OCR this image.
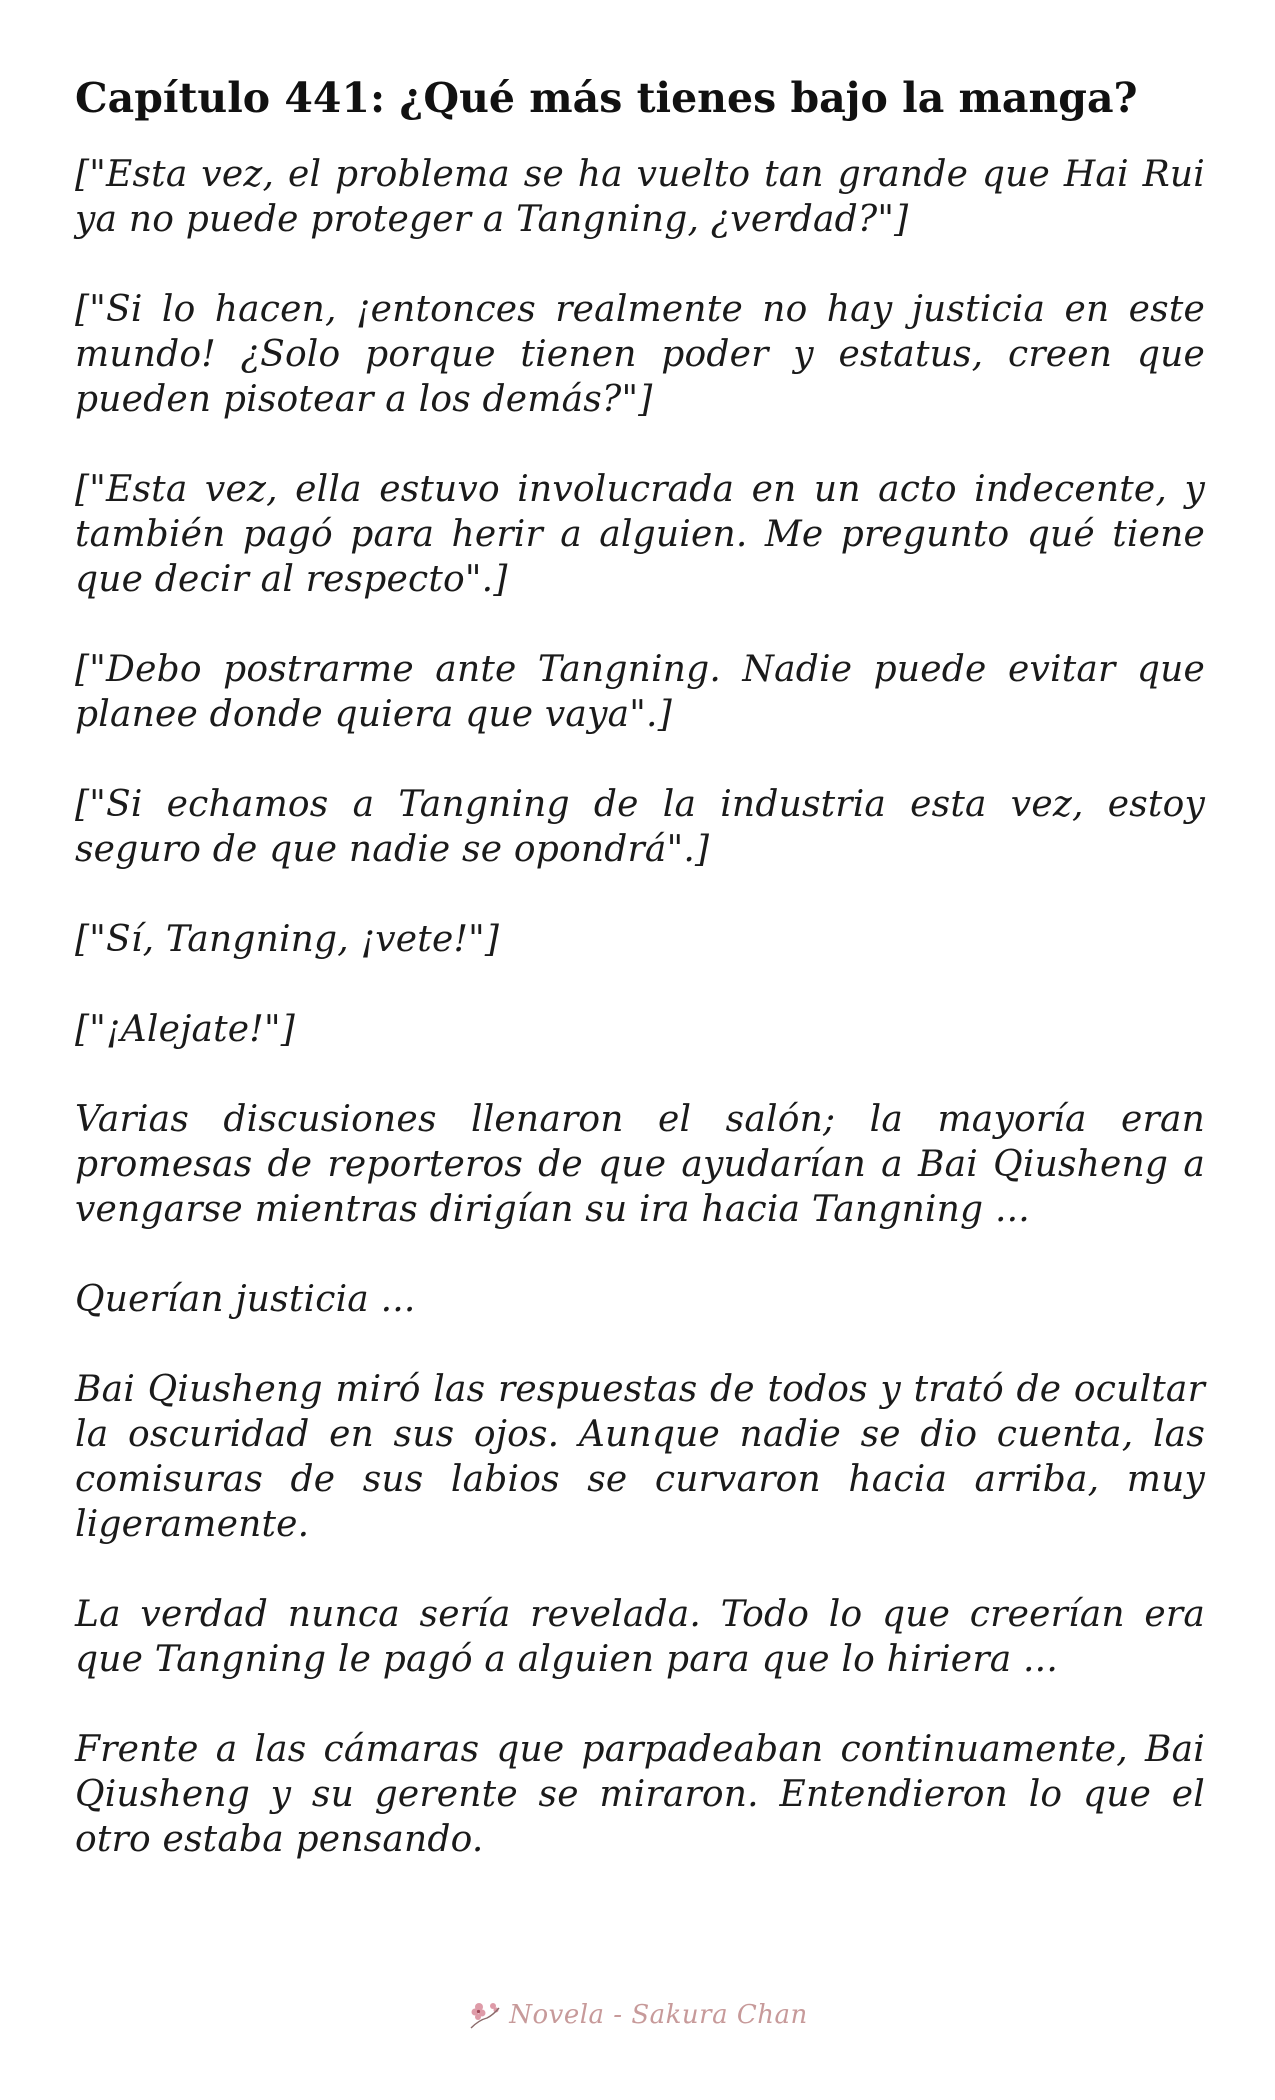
Capítulo 441: ¿Qué más tienes bajo la manga?

["Esta vez, el problema se ha vuelto tan grande que Hai Rui ya no puede proteger a Tangning, ¿verdad?"]

["Si lo hacen, ¡entonces realmente no hay justicia en este mundo! ¿Solo porque tienen poder y estatus, creen que pueden pisotear a los demás?"]

["Esta vez, ella estuvo involucrada en un acto indecente, y también pagó para herir a alguien. Me pregunto qué tiene que decir al respecto".]

["Debo postrarme ante Tangning. Nadie puede evitar que planee donde quiera que vaya".]

["Si echamos a Tangning de la industria esta vez, estoy seguro de que nadie se opondrá".]

["Sí, Tangning, ¡vete!"]

["¡Alejate!"]

Varias discusiones llenaron el salón; la mayoría eran promesas de reporteros de que ayudarían a Bai Qiusheng a vengarse mientras dirigían su ira hacia Tangning ...

Querían justicia ...

Bai Qiusheng miró las respuestas de todos y trató de ocultar la oscuridad en sus ojos. Aunque nadie se dio cuenta, las comisuras de sus labios se curvaron hacia arriba, muy ligeramente.

La verdad nunca sería revelada. Todo lo que creerían era que Tangning le pagó a alguien para que lo hiriera ...

Frente a las cámaras que parpadeaban continuamente, Bai Qiusheng y su gerente se miraron. Entendieron lo que el otro estaba pensando.

Novela - Sakura Chan
